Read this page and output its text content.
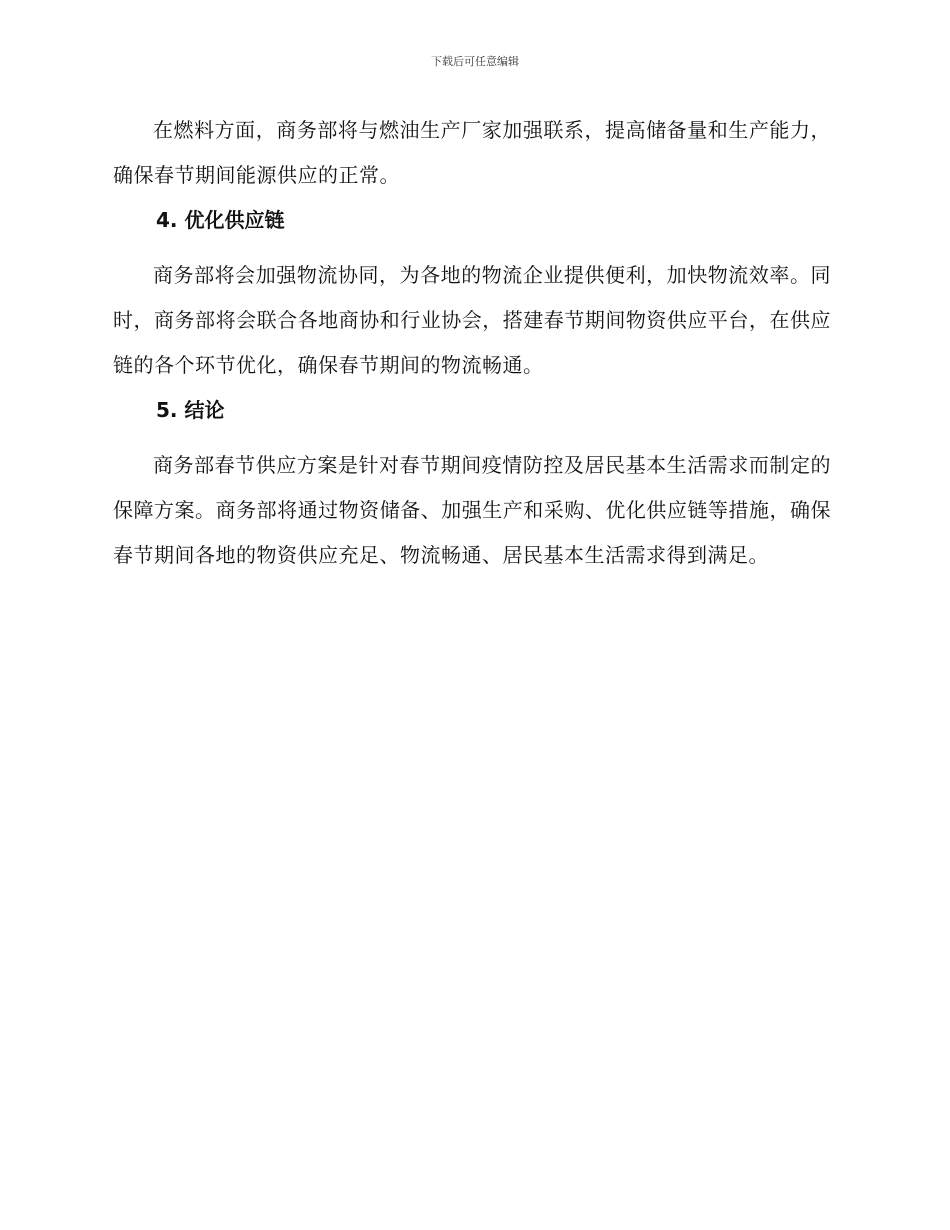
下载后可任意编辑

在燃料方面，商务部将与燃油生产厂家加强联系，提高储备量和生产能力，确保春节期间能源供应的正常。

4. 优化供应链

商务部将会加强物流协同，为各地的物流企业提供便利，加快物流效率。同时，商务部将会联合各地商协和行业协会，搭建春节期间物资供应平台，在供应链的各个环节优化，确保春节期间的物流畅通。

5. 结论

商务部春节供应方案是针对春节期间疫情防控及居民基本生活需求而制定的保障方案。商务部将通过物资储备、加强生产和采购、优化供应链等措施，确保春节期间各地的物资供应充足、物流畅通、居民基本生活需求得到满足。
